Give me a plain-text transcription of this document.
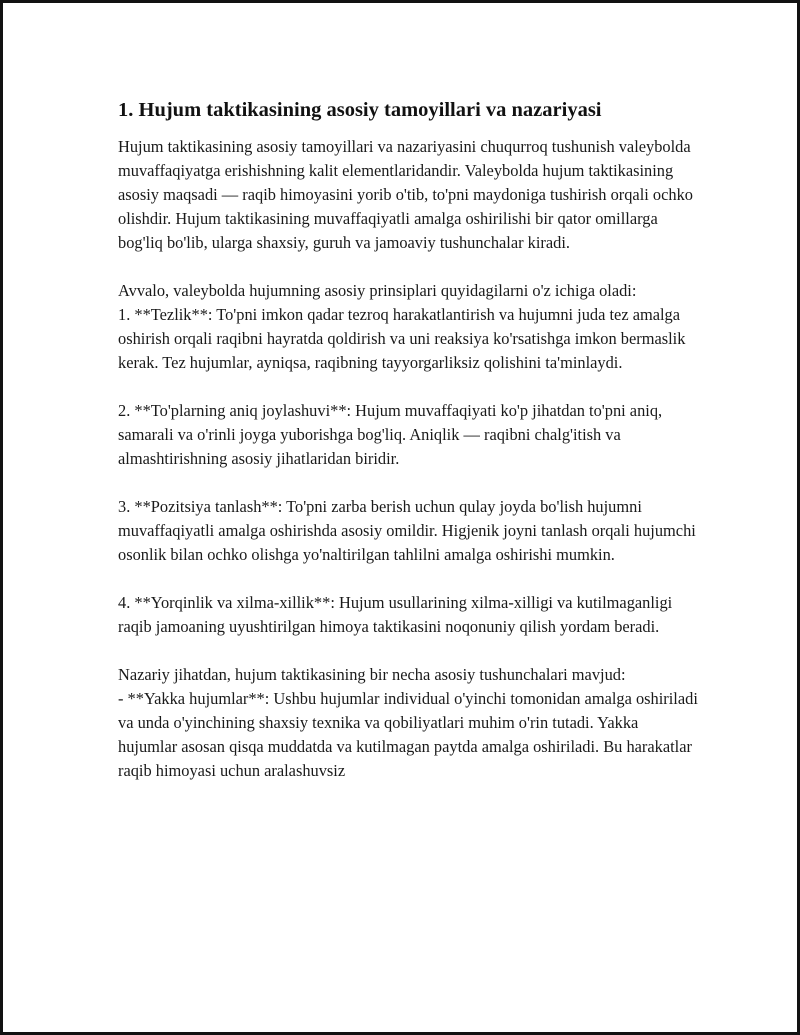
1. Hujum taktikasining asosiy tamoyillari va nazariyasi

Hujum taktikasining asosiy tamoyillari va nazariyasini chuqurroq tushunish valeybolda muvaffaqiyatga erishishning kalit elementlaridandir. Valeybolda hujum taktikasining asosiy maqsadi — raqib himoyasini yorib o'tib, to'pni maydoniga tushirish orqali ochko olishdir. Hujum taktikasining muvaffaqiyatli amalga oshirilishi bir qator omillarga bog'liq bo'lib, ularga shaxsiy, guruh va jamoaviy tushunchalar kiradi.

Avvalo, valeybolda hujumning asosiy prinsiplari quyidagilarni o'z ichiga oladi:
1. **Tezlik**: To'pni imkon qadar tezroq harakatlantirish va hujumni juda tez amalga oshirish orqali raqibni hayratda qoldirish va uni reaksiya ko'rsatishga imkon bermaslik kerak. Tez hujumlar, ayniqsa, raqibning tayyorgarliksiz qolishini ta'minlaydi.

2. **To'plarning aniq joylashuvi**: Hujum muvaffaqiyati ko'p jihatdan to'pni aniq, samarali va o'rinli joyga yuborishga bog'liq. Aniqlik — raqibni chalg'itish va almashtirishning asosiy jihatlaridan biridir.

3. **Pozitsiya tanlash**: To'pni zarba berish uchun qulay joyda bo'lish hujumni muvaffaqiyatli amalga oshirishda asosiy omildir. Higjenik joyni tanlash orqali hujumchi osonlik bilan ochko olishga yo'naltirilgan tahlilni amalga oshirishi mumkin.

4. **Yorqinlik va xilma-xillik**: Hujum usullarining xilma-xilligi va kutilmaganligi raqib jamoaning uyushtirilgan himoya taktikasini noqonuniy qilish yordam beradi.

Nazariy jihatdan, hujum taktikasining bir necha asosiy tushunchalari mavjud:
- **Yakka hujumlar**: Ushbu hujumlar individual o'yinchi tomonidan amalga oshiriladi va unda o'yinchining shaxsiy texnika va qobiliyatlari muhim o'rin tutadi. Yakka hujumlar asosan qisqa muddatda va kutilmagan paytda amalga oshiriladi. Bu harakatlar raqib himoyasi uchun aralashuvsiz
